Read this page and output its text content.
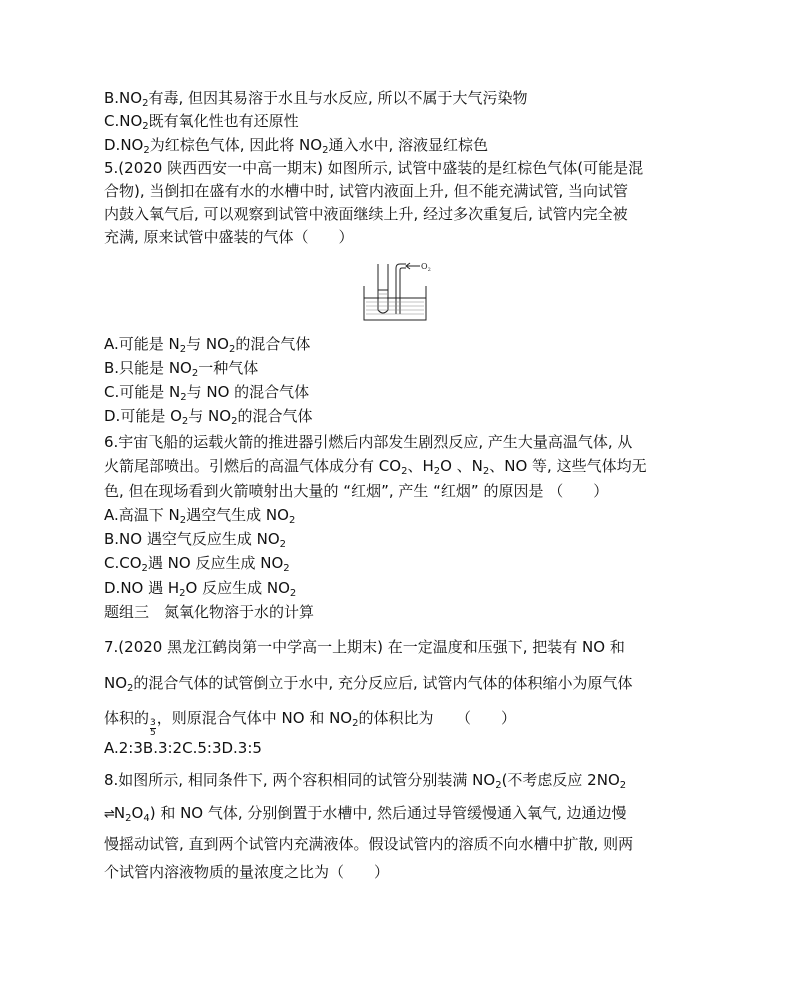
$B.NO_2$有毒, 但因其易溶于水且与水反应, 所以不属于大气污染物
$C.NO_2$既有氧化性也有还原性
$D.NO_2$为红棕色气体, 因此将 $NO_2$通入水中, 溶液显红棕色
5.(2020 陕西西安一中高一期末) 如图所示, 试管中盛装的是红棕色气体(可能是混
合物), 当倒扣在盛有水的水槽中时, 试管内液面上升, 但不能充满试管, 当向试管
内鼓入氧气后, 可以观察到试管中液面继续上升, 经过多次重复后, 试管内完全被
充满, 原来试管中盛装的气体（　　）
$O_2$
A.可能是 $N_2$与 $NO_2$的混合气体
B.只能是 $NO_2$一种气体
C.可能是 $N_2$与 NO 的混合气体
D.可能是 $O_2$与 $NO_2$的混合气体
6.宇宙飞船的运载火箭的推进器引燃后内部发生剧烈反应, 产生大量高温气体, 从
火箭尾部喷出。引燃后的高温气体成分有 $CO_2$、$H_2O$ 、$N_2$、NO 等, 这些气体均无
色, 但在现场看到火箭喷射出大量的 “红烟”, 产生 “红烟” 的原因是 （　　）
A.高温下 $N_2$遇空气生成 $NO_2$
B.NO 遇空气反应生成 $NO_2$
$C.CO_2$遇 NO 反应生成 $NO_2$
D.NO 遇 $H_2O$ 反应生成 $NO_2$
题组三　氮氧化物溶于水的计算
7.(2020 黑龙江鹤岗第一中学高一上期末) 在一定温度和压强下, 把装有 NO 和
$NO_2$的混合气体的试管倒立于水中, 充分反应后, 试管内气体的体积缩小为原气体
体积的
$\frac{3}{5}$
，则原混合气体中 NO 和 $NO_2$的体积比为　　（　　）
A.2:3B.3:2C.5:3D.3:5
8.如图所示, 相同条件下, 两个容积相同的试管分别装满 $NO_2$(不考虑反应 $2NO_2$
$\rightleftharpoons N_2O_4$) 和 NO 气体, 分别倒置于水槽中, 然后通过导管缓慢通入氧气, 边通边慢
慢摇动试管, 直到两个试管内充满液体。假设试管内的溶质不向水槽中扩散, 则两
个试管内溶液物质的量浓度之比为（　　）
